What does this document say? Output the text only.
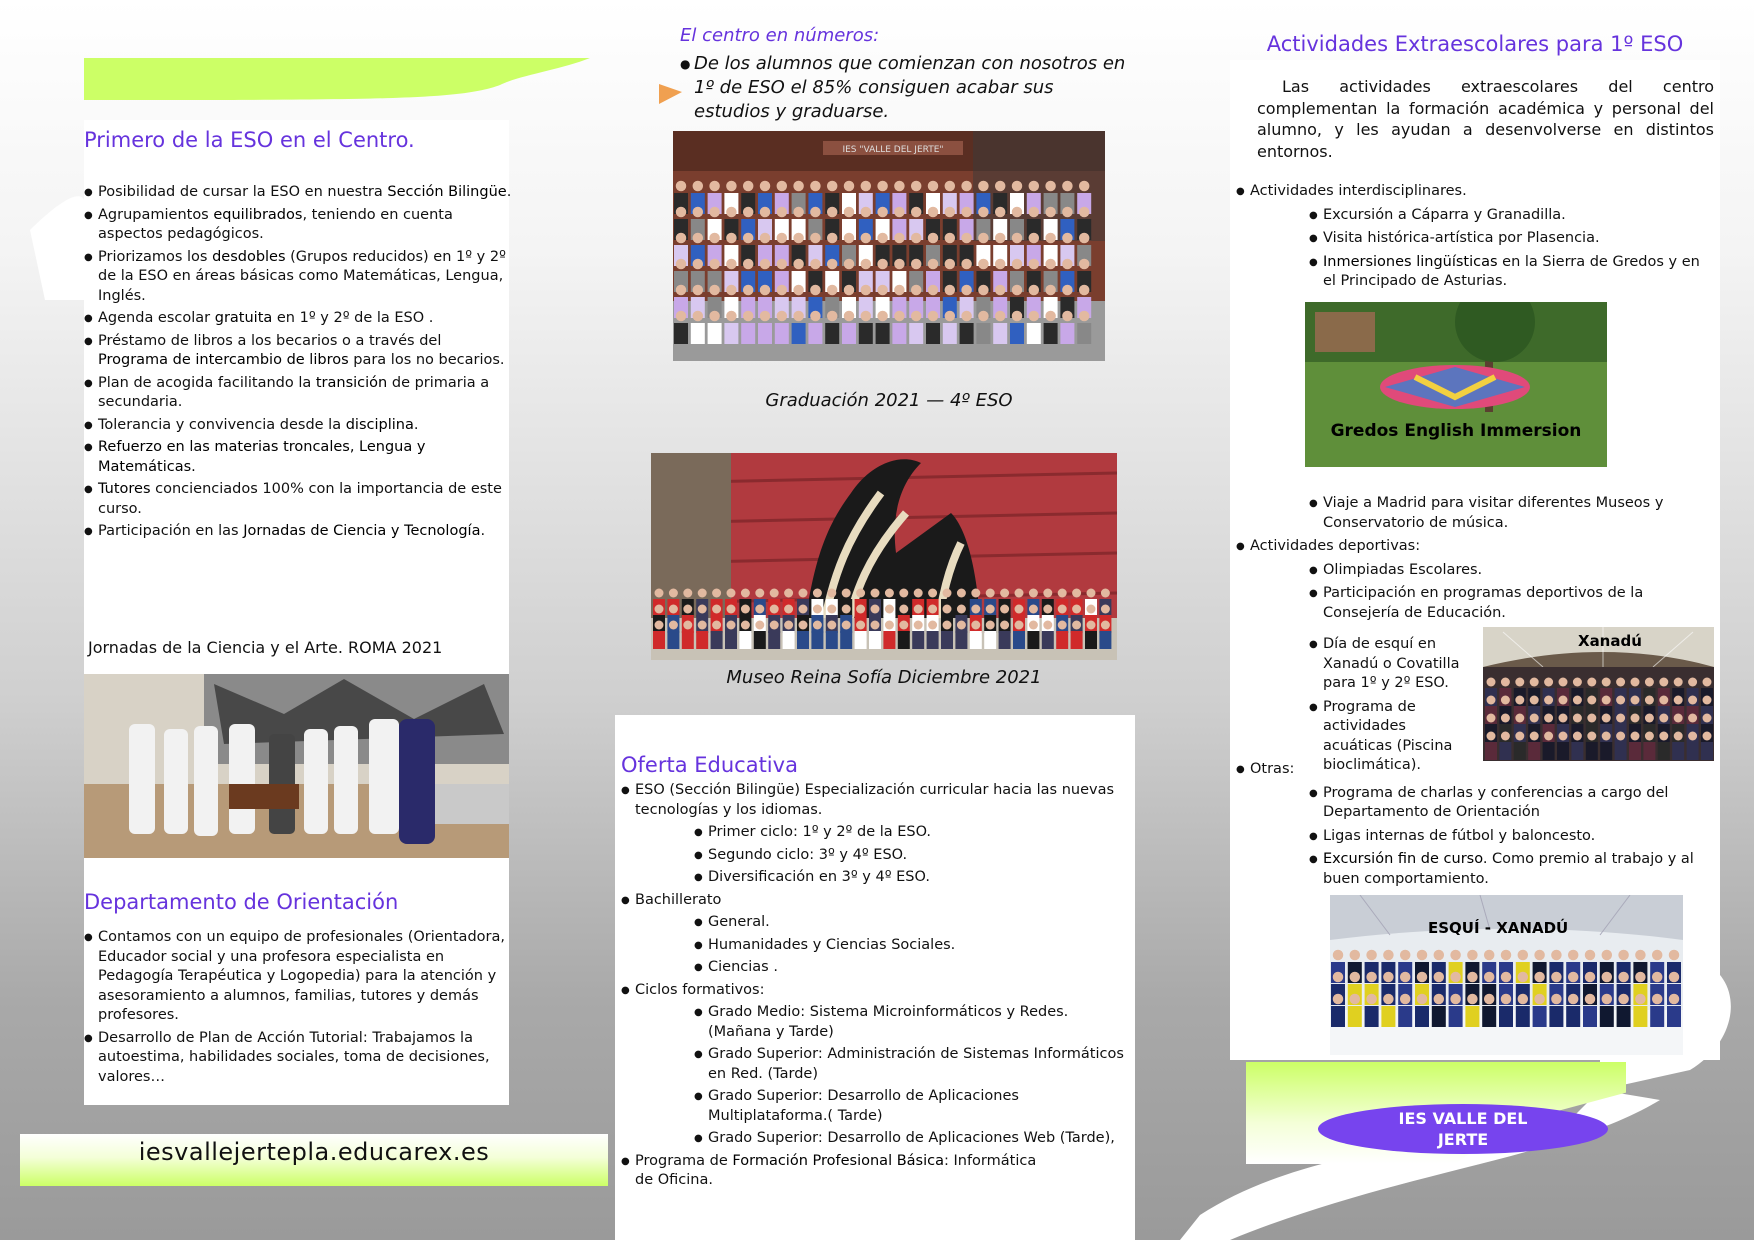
Primero de la ESO en el Centro.
● Posibilidad de cursar la ESO en nuestra Sección Bilingüe.
● Agrupamientos equilibrados, teniendo en cuenta aspectos pedagógicos.
● Priorizamos los desdobles (Grupos reducidos) en 1º y 2º de la ESO en áreas básicas como Matemáticas, Lengua, Inglés.
● Agenda escolar gratuita en 1º y 2º de la ESO .
● Préstamo de libros a los becarios o a través del Programa de intercambio de libros para los no becarios.
● Plan de acogida facilitando la transición de primaria a secundaria.
● Tolerancia y convivencia desde la disciplina.
● Refuerzo en las materias troncales, Lengua y Matemáticas.
● Tutores concienciados 100% con la importancia de este curso.
● Participación en las Jornadas de Ciencia y Tecnología.
Jornadas de la Ciencia y el Arte. ROMA 2021
Departamento de Orientación
● Contamos con un equipo de profesionales (Orientadora, Educador social y una profesora especialista en Pedagogía Terapéutica y Logopedia) para la atención y asesoramiento a alumnos, familias, tutores y demás profesores.
● Desarrollo de Plan de Acción Tutorial: Trabajamos la autoestima, habilidades sociales, toma de decisiones, valores…
iesvallejertepla.educarex.es
El centro en números:
● De los alumnos que comienzan con nosotros en 1º de ESO el 85% consiguen acabar sus estudios y graduarse.
IES "VALLE DEL JERTE"
Graduación 2021 — 4º ESO
Museo Reina Sofía Diciembre 2021
Oferta Educativa
● ESO (Sección Bilingüe) Especialización curricular hacia las nuevas tecnologías y los idiomas.
● Primer ciclo: 1º y 2º de la ESO.
● Segundo ciclo: 3º y 4º ESO.
● Diversificación en 3º y 4º ESO.
● Bachillerato
● General.
● Humanidades y Ciencias Sociales.
● Ciencias .
● Ciclos formativos:
● Grado Medio: Sistema Microinformáticos y Redes. (Mañana y Tarde)
● Grado Superior: Administración de Sistemas Informáticos en Red. (Tarde)
● Grado Superior: Desarrollo de Aplicaciones Multiplataforma.( Tarde)
● Grado Superior: Desarrollo de Aplicaciones Web (Tarde),
● Programa de Formación Profesional Básica: Informática de Oficina.
Actividades Extraescolares para 1º ESO
Las actividades extraescolares del centro complementan la formación académica y personal del alumno, y les ayudan a desenvolverse en distintos entornos.
● Actividades interdisciplinares.
● Excursión a Cáparra y Granadilla.
● Visita histórica-artística por Plasencia.
● Inmersiones lingüísticas en la Sierra de Gredos y en el Principado de Asturias.
Gredos English Immersion
● Viaje a Madrid para visitar diferentes Museos y Conservatorio de música.
● Actividades deportivas:
● Olimpiadas Escolares.
● Participación en programas deportivos de la Consejería de Educación.
● Día de esquí en Xanadú o Covatilla para 1º y 2º ESO.
● Programa de actividades acuáticas (Piscina bioclimática).
Xanadú
● Otras:
● Programa de charlas y conferencias a cargo del Departamento de Orientación
● Ligas internas de fútbol y baloncesto.
● Excursión fin de curso. Como premio al trabajo y al buen comportamiento.
ESQUÍ - XANADÚ
IES VALLE DEL JERTE
